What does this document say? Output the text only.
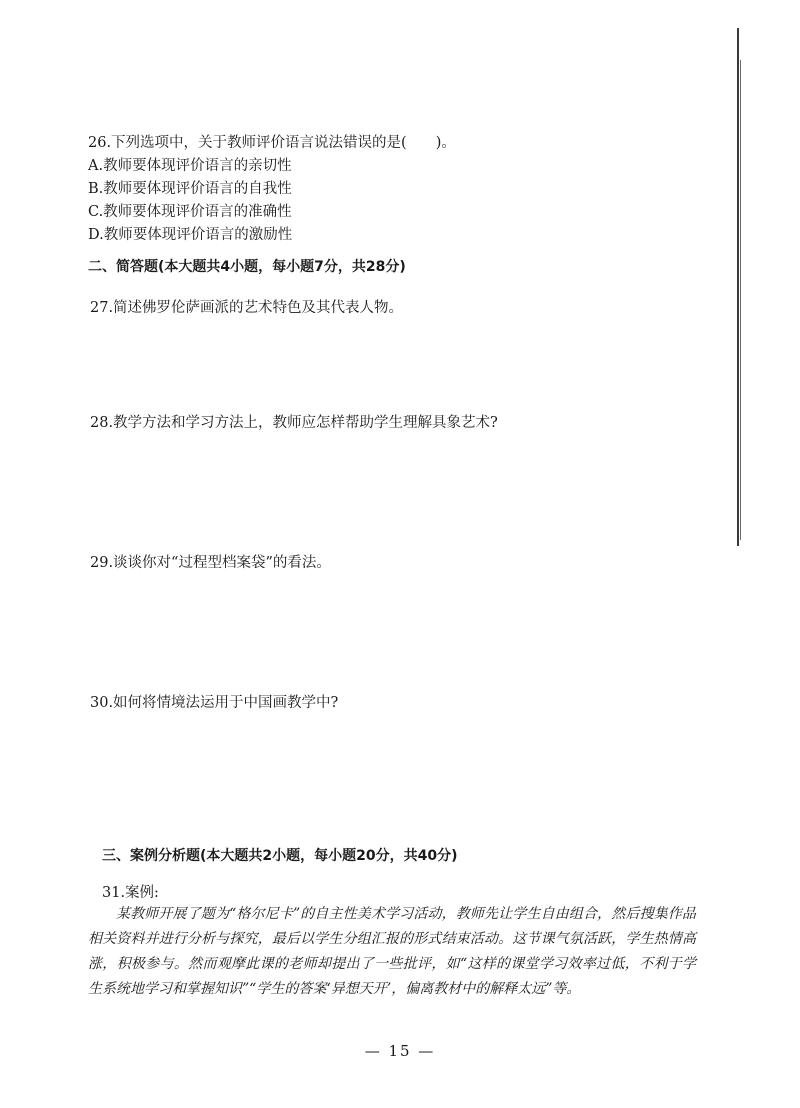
26.下列选项中，关于教师评价语言说法错误的是(　　)。
A.教师要体现评价语言的亲切性
B.教师要体现评价语言的自我性
C.教师要体现评价语言的准确性
D.教师要体现评价语言的激励性
二、简答题(本大题共4小题，每小题7分，共28分)
27.简述佛罗伦萨画派的艺术特色及其代表人物。
28.教学方法和学习方法上，教师应怎样帮助学生理解具象艺术?
29.谈谈你对“过程型档案袋”的看法。
30.如何将情境法运用于中国画教学中?
三、案例分析题(本大题共2小题，每小题20分，共40分)
31.案例:

某教师开展了题为“格尔尼卡”的自主性美术学习活动，教师先让学生自由组合，然后搜集作品相关资料并进行分析与探究，最后以学生分组汇报的形式结束活动。这节课气氛活跃，学生热情高涨，积极参与。然而观摩此课的老师却提出了一些批评，如“这样的课堂学习效率过低，不利于学生系统地学习和掌握知识”“学生的答案‘异想天开’，偏离教材中的解释太远”等。

— 15 —
